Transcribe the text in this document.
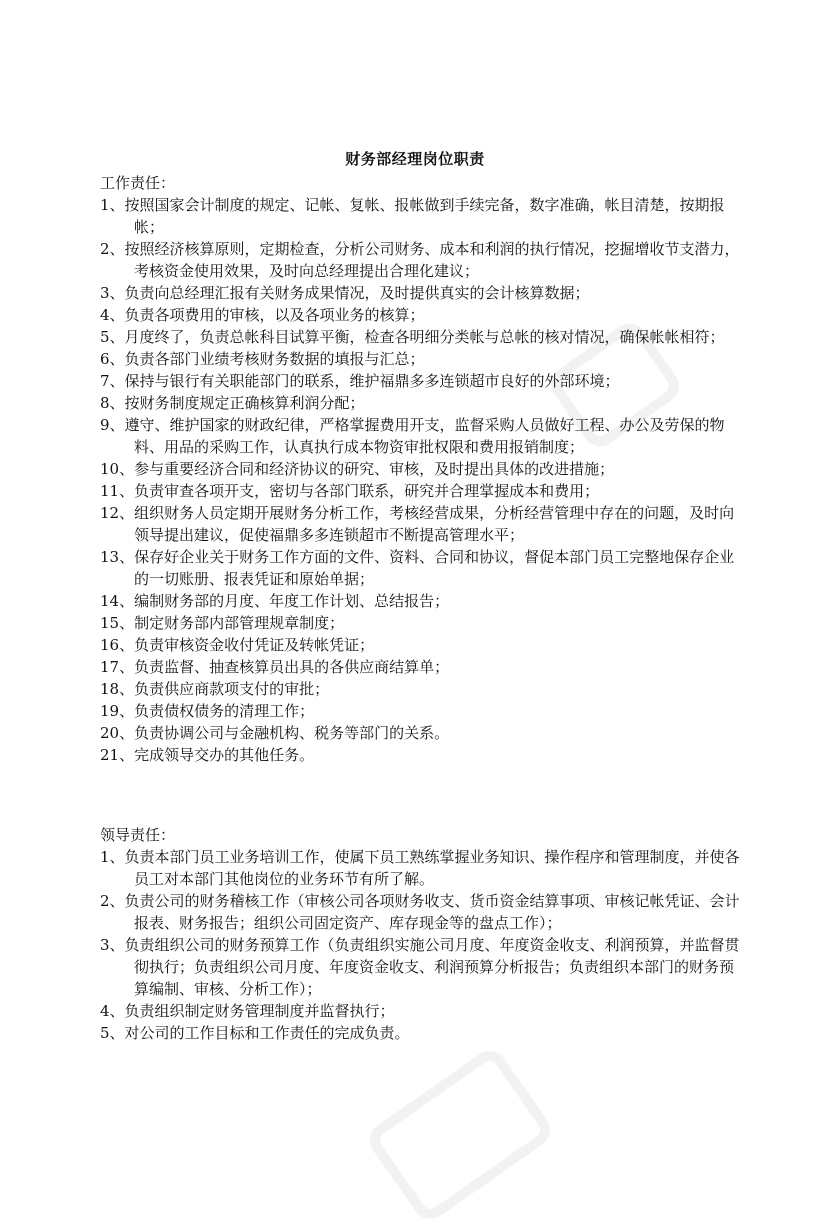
财务部经理岗位职责
工作责任：

1、按照国家会计制度的规定、记帐、复帐、报帐做到手续完备，数字准确，帐目清楚，按期报帐；

2、按照经济核算原则，定期检查，分析公司财务、成本和利润的执行情况，挖掘增收节支潜力，考核资金使用效果，及时向总经理提出合理化建议；

3、负责向总经理汇报有关财务成果情况，及时提供真实的会计核算数据；

4、负责各项费用的审核，以及各项业务的核算；

5、月度终了，负责总帐科目试算平衡，检查各明细分类帐与总帐的核对情况，确保帐帐相符；

6、负责各部门业绩考核财务数据的填报与汇总；

7、保持与银行有关职能部门的联系，维护福鼎多多连锁超市良好的外部环境；

8、按财务制度规定正确核算利润分配；

9、遵守、维护国家的财政纪律，严格掌握费用开支，监督采购人员做好工程、办公及劳保的物料、用品的采购工作，认真执行成本物资审批权限和费用报销制度；

10、参与重要经济合同和经济协议的研究、审核，及时提出具体的改进措施；

11、负责审查各项开支，密切与各部门联系，研究并合理掌握成本和费用；

12、组织财务人员定期开展财务分析工作，考核经营成果，分析经营管理中存在的问题，及时向领导提出建议，促使福鼎多多连锁超市不断提高管理水平；

13、保存好企业关于财务工作方面的文件、资料、合同和协议，督促本部门员工完整地保存企业的一切账册、报表凭证和原始单据；

14、编制财务部的月度、年度工作计划、总结报告；

15、制定财务部内部管理规章制度；

16、负责审核资金收付凭证及转帐凭证；

17、负责监督、抽查核算员出具的各供应商结算单；

18、负责供应商款项支付的审批；

19、负责债权债务的清理工作；

20、负责协调公司与金融机构、税务等部门的关系。

21、完成领导交办的其他任务。

领导责任：

1、负责本部门员工业务培训工作，使属下员工熟练掌握业务知识、操作程序和管理制度，并使各员工对本部门其他岗位的业务环节有所了解。

2、负责公司的财务稽核工作（审核公司各项财务收支、货币资金结算事项、审核记帐凭证、会计报表、财务报告；组织公司固定资产、库存现金等的盘点工作）；

3、负责组织公司的财务预算工作（负责组织实施公司月度、年度资金收支、利润预算，并监督贯彻执行；负责组织公司月度、年度资金收支、利润预算分析报告；负责组织本部门的财务预算编制、审核、分析工作）；

4、负责组织制定财务管理制度并监督执行；

5、对公司的工作目标和工作责任的完成负责。
